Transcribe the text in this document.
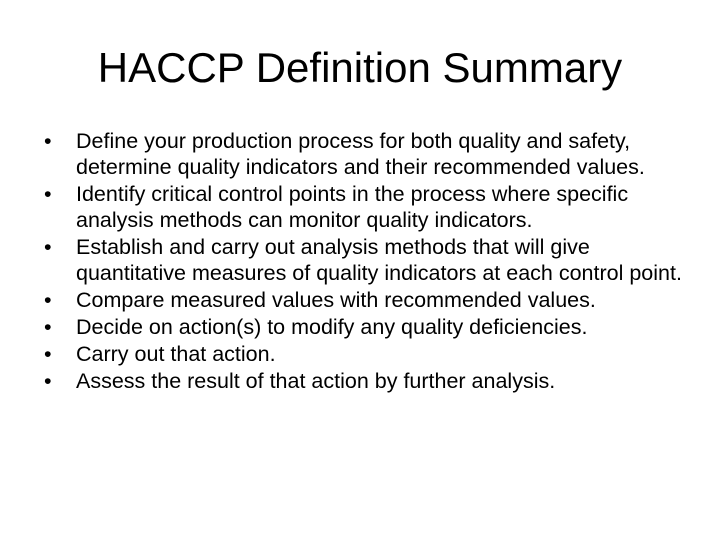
HACCP Definition Summary
•	Define your production process for both quality and safety, determine quality indicators and their recommended values.
•	Identify critical control points in the process where specific analysis methods can monitor quality indicators.
•	Establish and carry out analysis methods that will give quantitative measures of quality indicators at each control point.
•	Compare measured values with recommended values.
•	Decide on action(s) to modify any quality deficiencies.
•	Carry out that action.
•	Assess the result of that action by further analysis.
